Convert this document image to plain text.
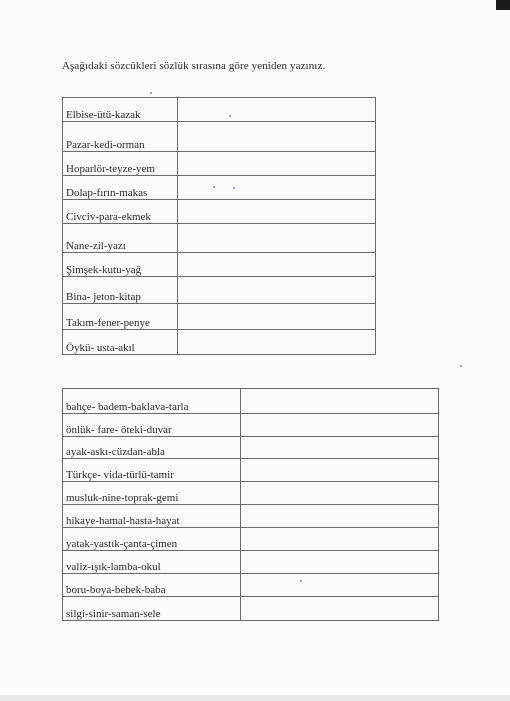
Aşağıdaki sözcükleri sözlük sırasına göre yeniden yazınız.
Elbise-ütü-kazak	
Pazar-kedi-orman	
Hoparlör-teyze-yem	
Dolap-fırın-makas	
Civciv-para-ekmek	
Nane-zil-yazı	
Şimşek-kutu-yağ	
Bina- jeton-kitap	
Takım-fener-penye	
Öykü- usta-akıl	
bahçe- badem-baklava-tarla	
önlük- fare- öteki-duvar	
ayak-askı-cüzdan-abla	
Türkçe- vida-türlü-tamir	
musluk-nine-toprak-gemi	
hikaye-hamal-hasta-hayat	
yatak-yastık-çanta-çimen	
valiz-ışık-lamba-okul	
boru-boya-bebek-baba	
silgi-sinir-saman-sele	
